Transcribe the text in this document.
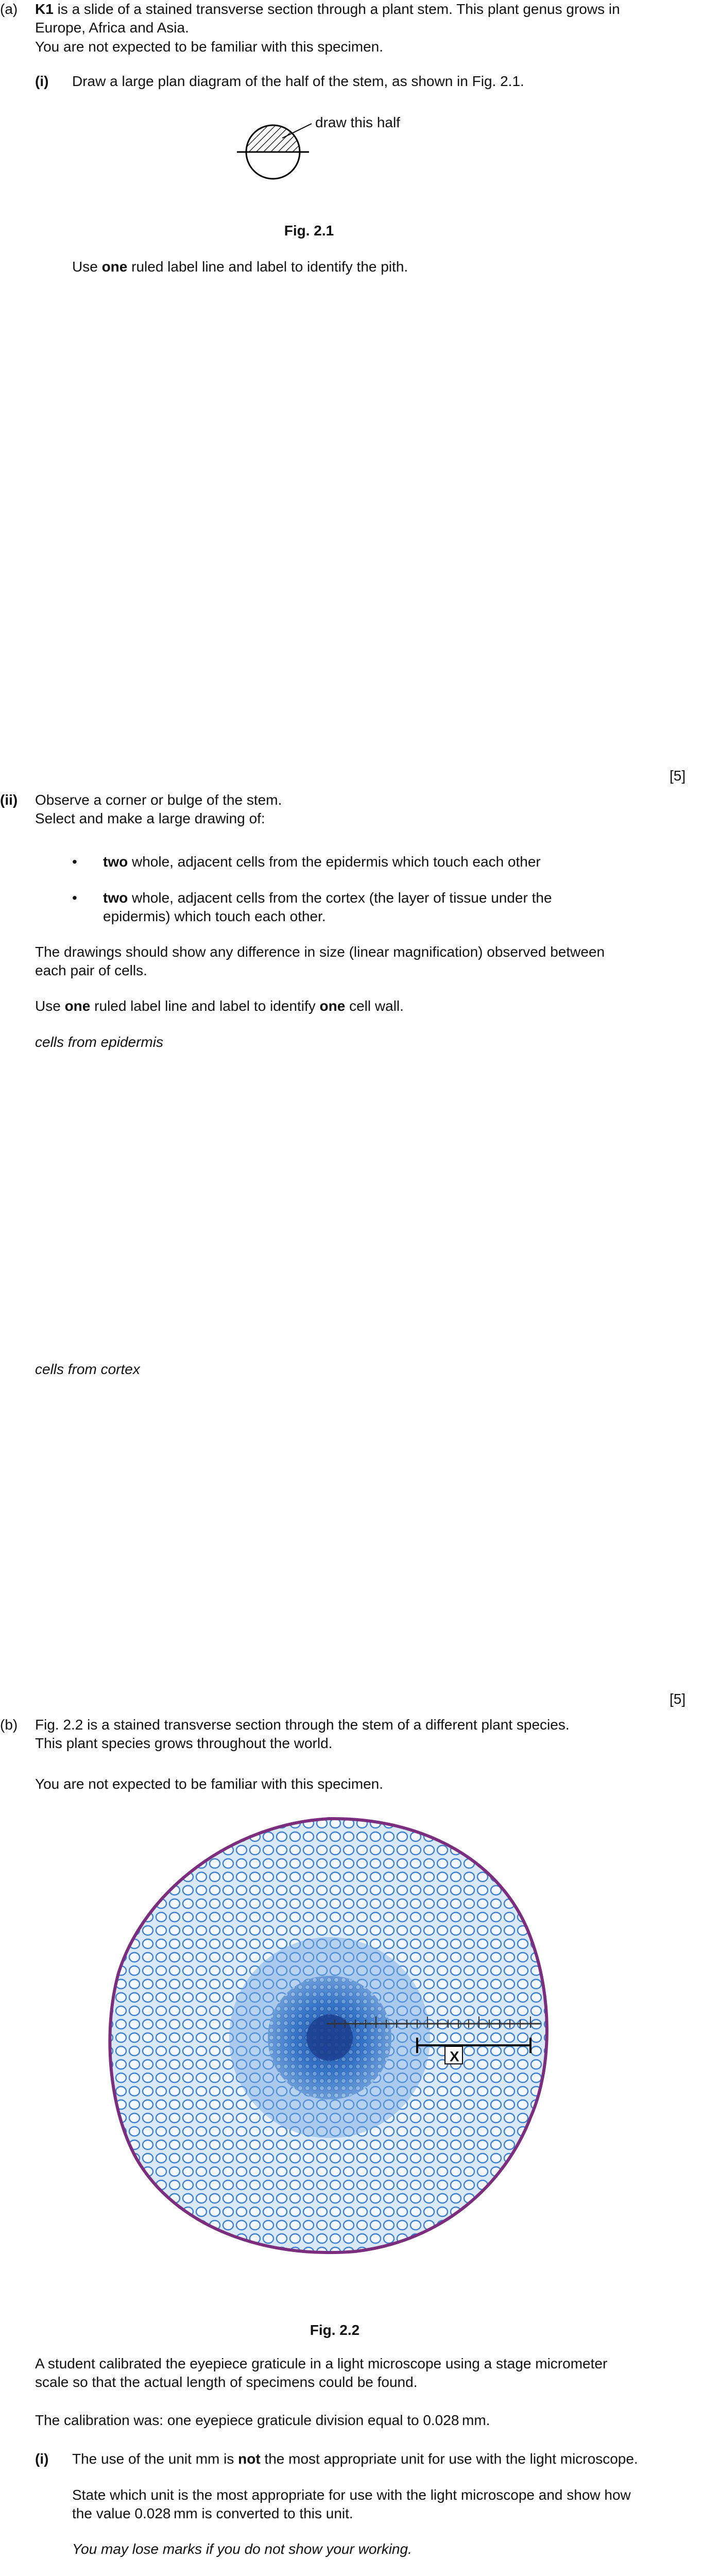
(a) K1 is a slide of a stained transverse section through a plant stem. This plant genus grows in
Europe, Africa and Asia.
You are not expected to be familiar with this specimen.
(i) Draw a large plan diagram of the half of the stem, as shown in Fig. 2.1.
draw this half
Fig. 2.1
Use one ruled label line and label to identify the pith.
[5]
(ii) Observe a corner or bulge of the stem.
Select and make a large drawing of:
• two whole, adjacent cells from the epidermis which touch each other
• two whole, adjacent cells from the cortex (the layer of tissue under the
epidermis) which touch each other.
The drawings should show any difference in size (linear magnification) observed between
each pair of cells.
Use one ruled label line and label to identify one cell wall.
cells from epidermis
cells from cortex
[5]
(b) Fig. 2.2 is a stained transverse section through the stem of a different plant species.
This plant species grows throughout the world.
You are not expected to be familiar with this specimen.
X
Fig. 2.2
A student calibrated the eyepiece graticule in a light microscope using a stage micrometer
scale so that the actual length of specimens could be found.
The calibration was: one eyepiece graticule division equal to 0.028 mm.
(i) The use of the unit mm is not the most appropriate unit for use with the light microscope.
State which unit is the most appropriate for use with the light microscope and show how
the value 0.028 mm is converted to this unit.
You may lose marks if you do not show your working.
